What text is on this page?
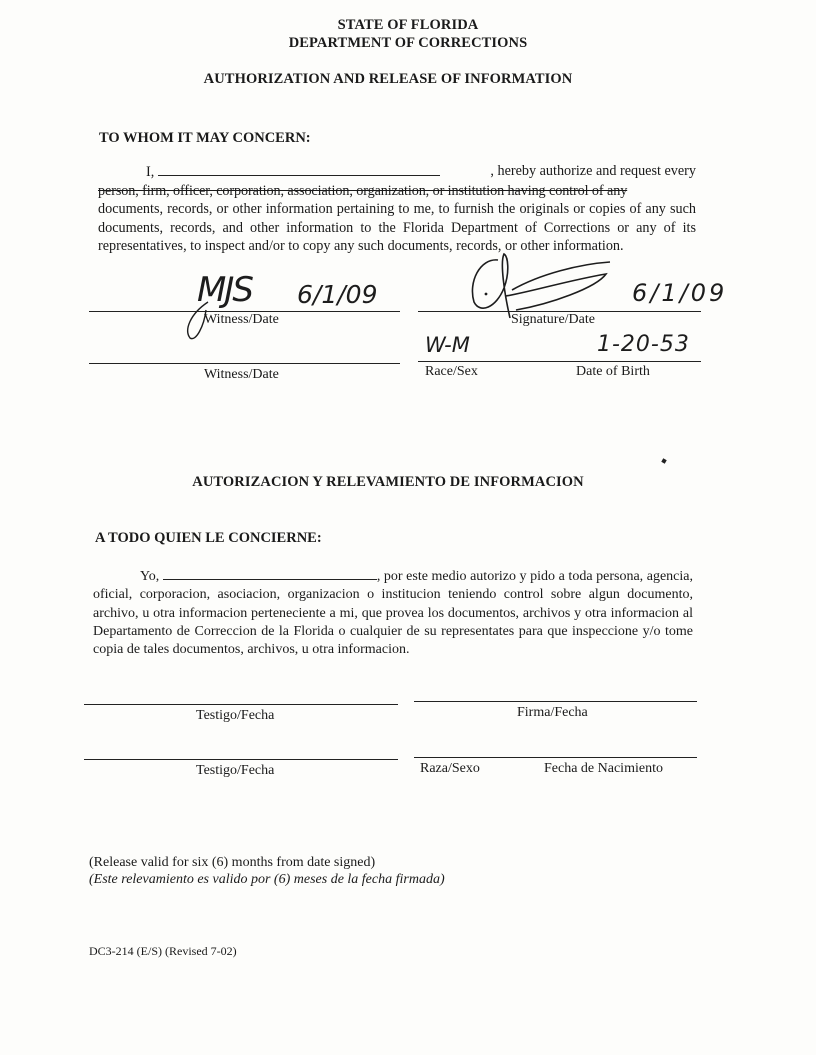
STATE OF FLORIDA
DEPARTMENT OF CORRECTIONS
AUTHORIZATION AND RELEASE OF INFORMATION
TO WHOM IT MAY CONCERN:
I,	, hereby authorize and request every
person, firm, officer, corporation, association, organization, or institution having control of any
documents, records, or other information pertaining to me, to furnish the originals or copies of any such documents, records, and other information to the Florida Department of Corrections or any of its representatives, to inspect and/or to copy any such documents, records, or other information.
Witness/Date	Signature/Date
Witness/Date	Race/Sex	Date of Birth
MJS 6/1/09	6/1/09
W-M	1-20-53
AUTORIZACION Y RELEVAMIENTO DE INFORMACION
A TODO QUIEN LE CONCIERNE:
Yo,	, por este medio autorizo y pido a toda persona, agencia, oficial, corporacion, asociacion, organizacion o institucion teniendo control sobre algun documento, archivo, u otra informacion perteneciente a mi, que provea los documentos, archivos y otra informacion al Departamento de Correccion de la Florida o cualquier de su representates para que inspeccione y/o tome copia de tales documentos, archivos, u otra informacion.
Testigo/Fecha	Firma/Fecha
Testigo/Fecha	Raza/Sexo	Fecha de Nacimiento
(Release valid for six (6) months from date signed)
(Este relevamiento es valido por (6) meses de la fecha firmada)
DC3-214 (E/S) (Revised 7-02)
